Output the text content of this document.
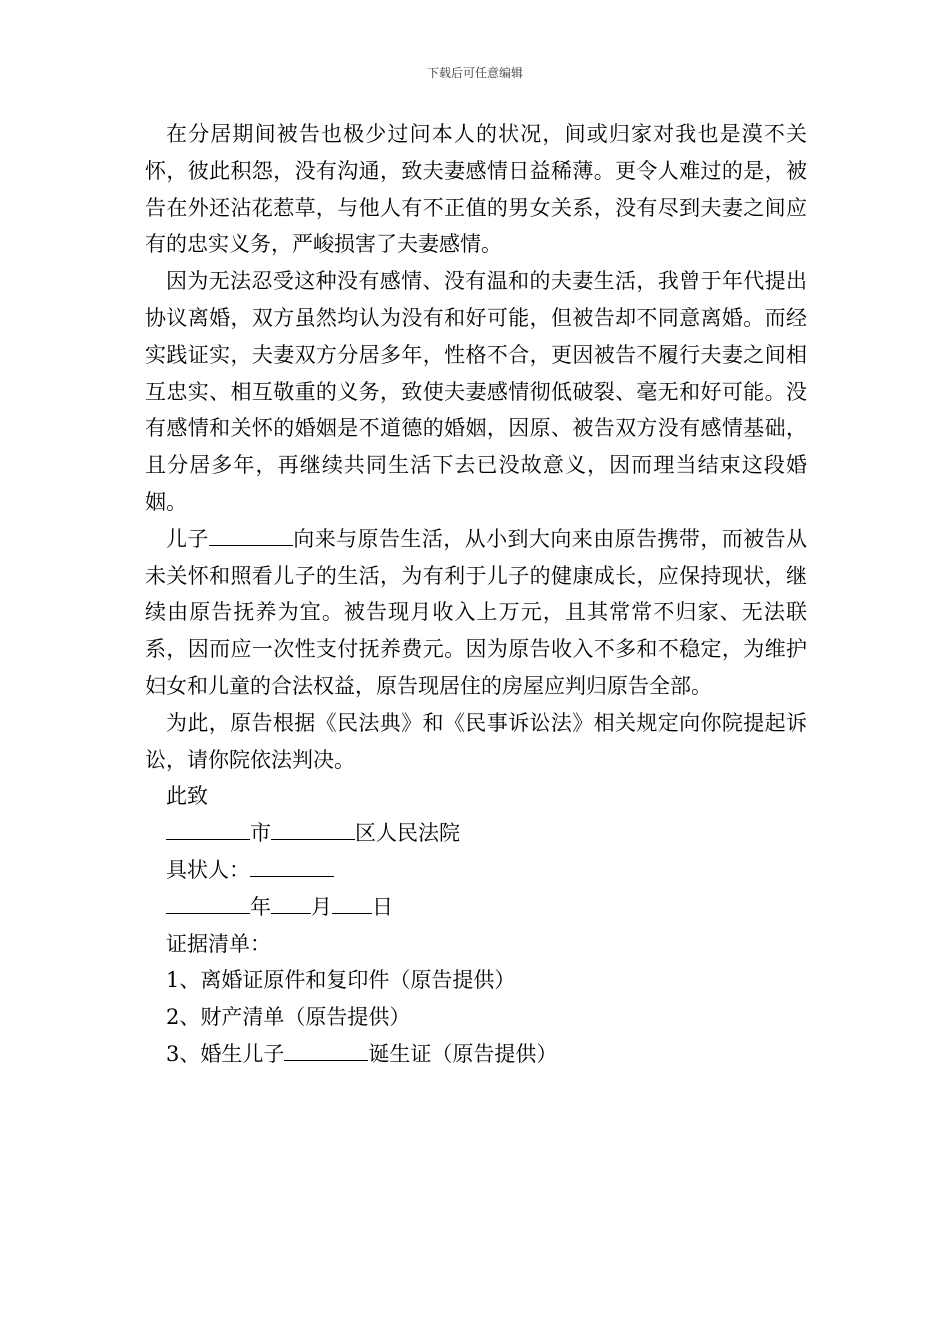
下载后可任意编辑

在分居期间被告也极少过问本人的状况，间或归家对我也是漠不关怀，彼此积怨，没有沟通，致夫妻感情日益稀薄。更令人难过的是，被告在外还沾花惹草，与他人有不正值的男女关系，没有尽到夫妻之间应有的忠实义务，严峻损害了夫妻感情。

因为无法忍受这种没有感情、没有温和的夫妻生活，我曾于年代提出协议离婚，双方虽然均认为没有和好可能，但被告却不同意离婚。而经实践证实，夫妻双方分居多年，性格不合，更因被告不履行夫妻之间相互忠实、相互敬重的义务，致使夫妻感情彻低破裂、毫无和好可能。没有感情和关怀的婚姻是不道德的婚姻，因原、被告双方没有感情基础，且分居多年，再继续共同生活下去已没故意义，因而理当结束这段婚姻。

儿子	向来与原告生活，从小到大向来由原告携带，而被告从未关怀和照看儿子的生活，为有利于儿子的健康成长，应保持现状，继续由原告抚养为宜。被告现月收入上万元，且其常常不归家、无法联系，因而应一次性支付抚养费元。因为原告收入不多和不稳定，为维护妇女和儿童的合法权益，原告现居住的房屋应判归原告全部。

为此，原告根据《民法典》和《民事诉讼法》相关规定向你院提起诉讼，请你院依法判决。

此致

市	区人民法院

具状人：

年 月 日

证据清单：

1、离婚证原件和复印件（原告提供）

2、财产清单（原告提供）

3、婚生儿子	诞生证（原告提供）
